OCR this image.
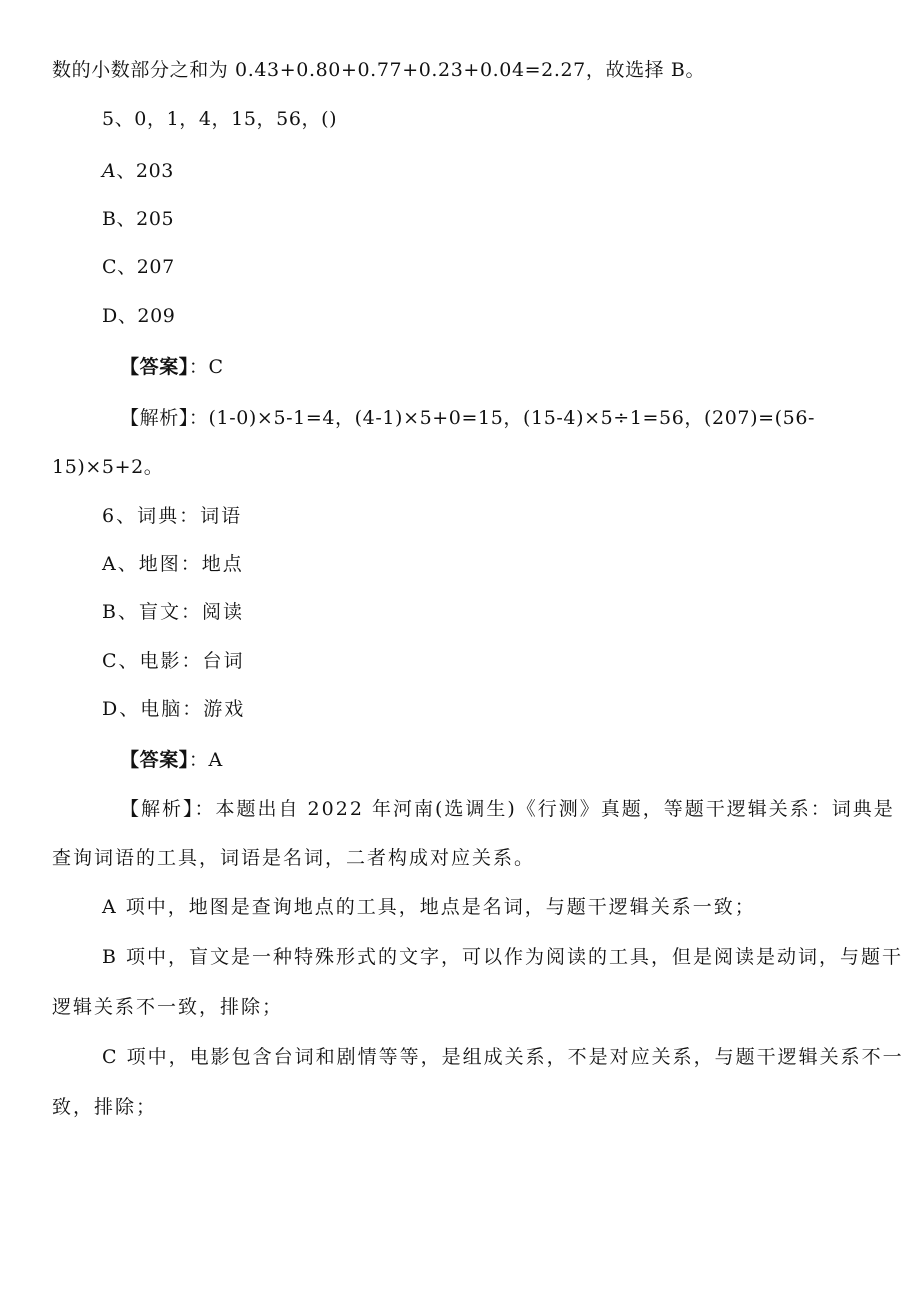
数的小数部分之和为 0.43+0.80+0.77+0.23+0.04=2.27，故选择 B。
5、0，1，4，15，56，()
A、203
B、205
C、207
D、209
【答案】：C
【解析】：(1-0)×5-1=4，(4-1)×5+0=15，(15-4)×5÷1=56，(207)=(56-
15)×5+2。
6、词典：词语
A、地图：地点
B、盲文：阅读
C、电影：台词
D、电脑：游戏
【答案】：A
【解析】：本题出自 2022 年河南(选调生)《行测》真题，等题干逻辑关系：词典是
查询词语的工具，词语是名词，二者构成对应关系。
A 项中，地图是查询地点的工具，地点是名词，与题干逻辑关系一致；
B 项中，盲文是一种特殊形式的文字，可以作为阅读的工具，但是阅读是动词，与题干
逻辑关系不一致，排除；
C 项中，电影包含台词和剧情等等，是组成关系，不是对应关系，与题干逻辑关系不一
致，排除；
